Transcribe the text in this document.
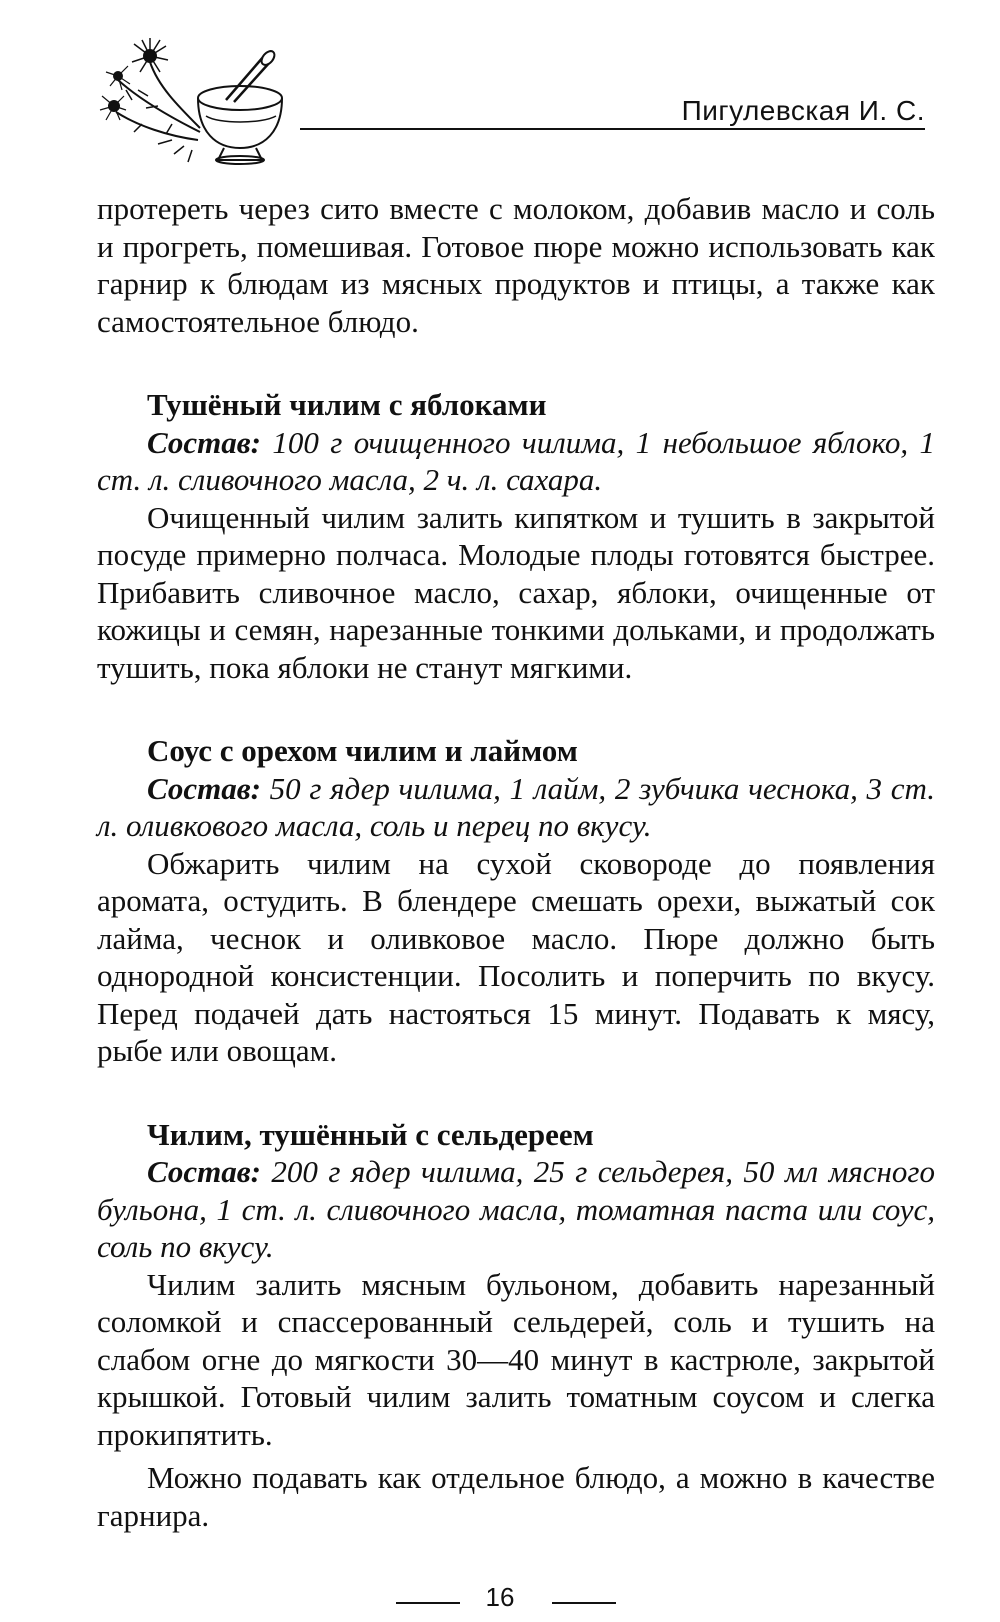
Пигулевская И. С.

протереть через сито вместе с молоком, добавив масло и соль и прогреть, помешивая. Готовое пюре можно использовать как гарнир к блюдам из мясных продуктов и птицы, а также как самостоятельное блюдо.

Тушёный чилим с яблоками

Состав: 100 г очищенного чилима, 1 небольшое яблоко, 1 ст. л. сливочного масла, 2 ч. л. сахара.

Очищенный чилим залить кипятком и тушить в закрытой посуде примерно полчаса. Молодые плоды готовятся быстрее. Прибавить сливочное масло, сахар, яблоки, очищенные от кожицы и семян, нарезанные тонкими дольками, и продолжать тушить, пока яблоки не станут мягкими.

Соус с орехом чилим и лаймом

Состав: 50 г ядер чилима, 1 лайм, 2 зубчика чеснока, 3 ст. л. оливкового масла, соль и перец по вкусу.

Обжарить чилим на сухой сковороде до появления аромата, остудить. В блендере смешать орехи, выжатый сок лайма, чеснок и оливковое масло. Пюре должно быть однородной консистенции. Посолить и поперчить по вкусу. Перед подачей дать настояться 15 минут. Подавать к мясу, рыбе или овощам.

Чилим, тушённый с сельдереем

Состав: 200 г ядер чилима, 25 г сельдерея, 50 мл мясного бульона, 1 ст. л. сливочного масла, томатная паста или соус, соль по вкусу.

Чилим залить мясным бульоном, добавить нарезанный соломкой и спассерованный сельдерей, соль и тушить на слабом огне до мягкости 30—40 минут в кастрюле, закрытой крышкой. Готовый чилим залить томатным соусом и слегка прокипятить.

Можно подавать как отдельное блюдо, а можно в качестве гарнира.

16
